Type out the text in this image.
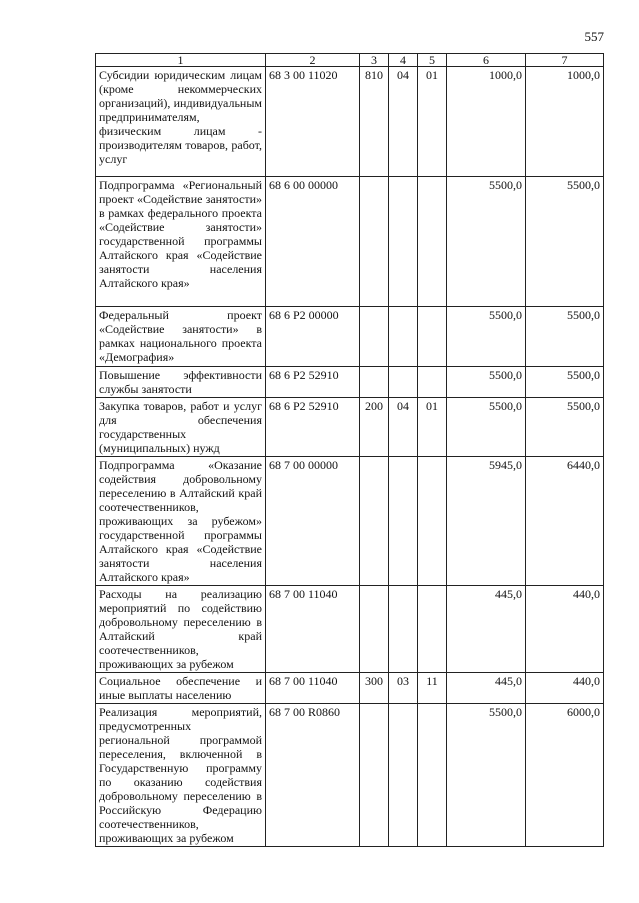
557
1	2	3	4	5	6	7
Субсидии юридическим лицам (кроме некоммерческих организаций), индивидуальным предпринимателям, физическим лицам - производителям товаров, работ, услуг	68 3 00 11020	810	04	01	1000,0	1000,0
Подпрограмма «Региональный проект «Содействие занятости» в рамках федерального проекта «Содействие занятости» государственной программы Алтайского края «Содействие занятости населения Алтайского края»	68 6 00 00000				5500,0	5500,0
Федеральный проект «Содействие занятости» в рамках национального проекта «Демография»	68 6 P2 00000				5500,0	5500,0
Повышение эффективности службы занятости	68 6 P2 52910				5500,0	5500,0
Закупка товаров, работ и услуг для обеспечения государственных (муниципальных) нужд	68 6 P2 52910	200	04	01	5500,0	5500,0
Подпрограмма «Оказание содействия добровольному переселению в Алтайский край соотечественников, проживающих за рубежом» государственной программы Алтайского края «Содействие занятости населения Алтайского края»	68 7 00 00000				5945,0	6440,0
Расходы на реализацию мероприятий по содействию добровольному переселению в Алтайский край соотечественников, проживающих за рубежом	68 7 00 11040				445,0	440,0
Социальное обеспечение и иные выплаты населению	68 7 00 11040	300	03	11	445,0	440,0
Реализация мероприятий, предусмотренных региональной программой переселения, включенной в Государственную программу по оказанию содействия добровольному переселению в Российскую Федерацию соотечественников, проживающих за рубежом	68 7 00 R0860				5500,0	6000,0
